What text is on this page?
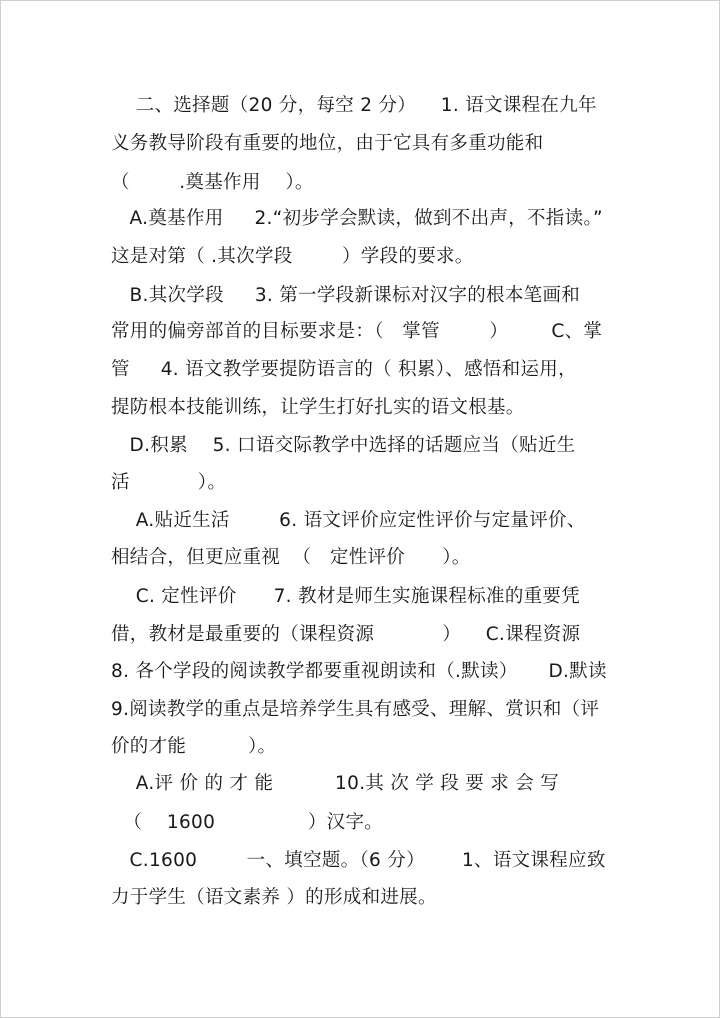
二、选择题（20 分，每空 2 分）    1. 语文课程在九年
义务教导阶段有重要的地位，由于它具有多重功能和
（        .奠基作用    ）。
A.奠基作用     2.“初步学会默读，做到不出声，不指读。”
这是对第（ .其次学段        ）学段的要求。
B.其次学段     3. 第一学段新课标对汉字的根本笔画和
常用的偏旁部首的目标要求是：（   掌管        ）       C、掌
管     4. 语文教学要提防语言的（ 积累）、感悟和运用，
提防根本技能训练，让学生打好扎实的语文根基。
D.积累    5. 口语交际教学中选择的话题应当（贴近生
活           ）。
A.贴近生活        6. 语文评价应定性评价与定量评价、
相结合，但更应重视  （   定性评价      ）。
C. 定性评价      7. 教材是师生实施课程标准的重要凭
借，教材是最重要的（课程资源           ）    C.课程资源
8. 各个学段的阅读教学都要重视朗读和（.默读）     D.默读
9.阅读教学的重点是培养学生具有感受、理解、赏识和（评
价的才能          ）。
A.评 价 的 才 能          10.其 次 学 段 要 求 会 写
（    1600               ）汉字。
C.1600        一、填空题。（6 分）      1、语文课程应致
力于学生（语文素养 ）的形成和进展。
